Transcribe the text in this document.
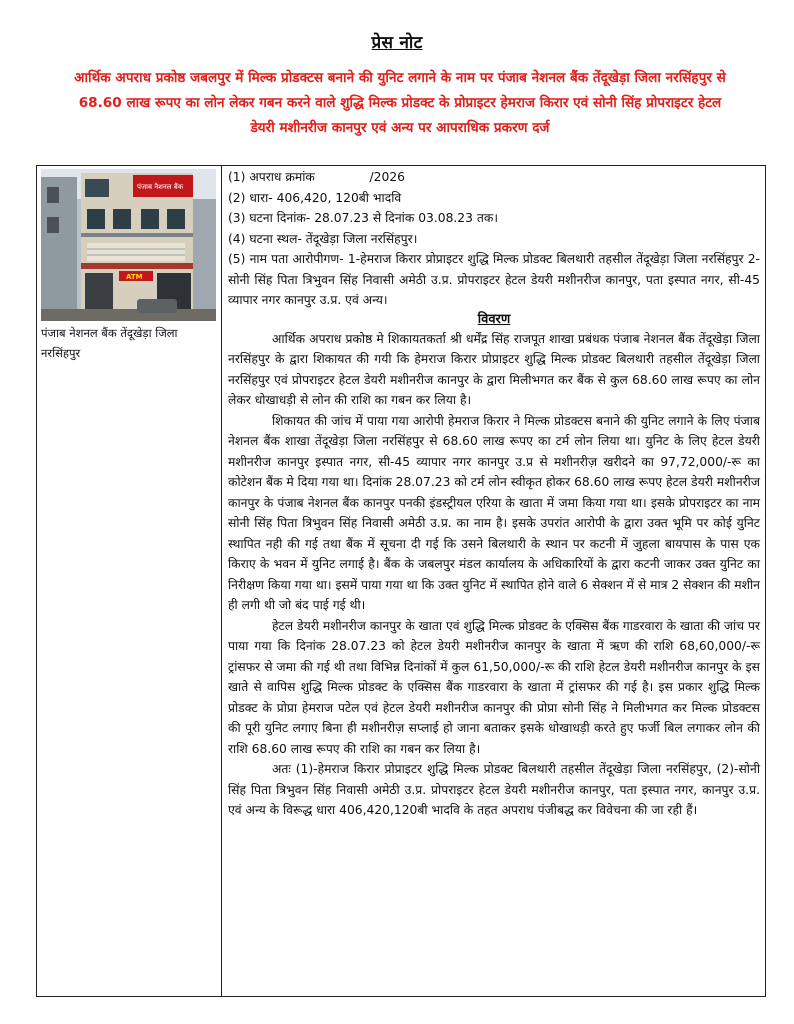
प्रेस नोट
आर्थिक अपराध प्रकोष्ठ जबलपुर में मिल्क प्रोडक्टस बनाने की युनिट लगाने के नाम पर पंजाब नेशनल बैंक तेंदूखेड़ा जिला नरसिंहपुर से 68.60 लाख रूपए का लोन लेकर गबन करने वाले शुद्धि मिल्क प्रोडक्ट के प्रोप्राइटर हेमराज किरार एवं सोनी सिंह प्रोपराइटर हेटल डेयरी मशीनरीज कानपुर एवं अन्य पर आपराधिक प्रकरण दर्ज
पंजाब नैशनल बैंक
ATM
पंजाब नेशनल बैंक तेंदूखेड़ा जिला नरसिंहपुर

(1) अपराध क्रमांक              /2026

(2) धारा- 406,420, 120बी भादवि

(3) घटना दिनांक- 28.07.23 से दिनांक 03.08.23 तक।

(4) घटना स्थल- तेंदूखेड़ा जिला नरसिंहपुर।

(5) नाम पता आरोपीगण- 1-हेमराज किरार प्रोप्राइटर शुद्धि मिल्क प्रोडक्ट बिलथारी तहसील तेंदूखेड़ा जिला नरसिंहपुर 2- सोनी सिंह पिता त्रिभुवन सिंह निवासी अमेठी उ.प्र. प्रोपराइटर हेटल डेयरी मशीनरीज कानपुर, पता इस्पात नगर, सी-45 व्यापार नगर कानपुर उ.प्र. एवं अन्य।

विवरण

आर्थिक अपराध प्रकोष्ठ मे शिकायतकर्ता श्री धर्मेंद्र सिंह राजपूत शाखा प्रबंधक पंजाब नेशनल बैंक तेंदूखेड़ा जिला नरसिंहपुर के द्वारा शिकायत की गयी कि हेमराज किरार प्रोप्राइटर शुद्धि मिल्क प्रोडक्ट बिलथारी तहसील तेंदूखेड़ा जिला नरसिंहपुर एवं प्रोपराइटर हेटल डेयरी मशीनरीज कानपुर के द्वारा मिलीभगत कर बैंक से कुल 68.60 लाख रूपए का लोन लेकर धोखाधड़ी से लोन की राशि का गबन कर लिया है।

शिकायत की जांच में पाया गया आरोपी हेमराज किरार ने मिल्क प्रोडक्टस बनाने की युनिट लगाने के लिए पंजाब नेशनल बैंक शाखा तेंदूखेड़ा जिला नरसिंहपुर से 68.60 लाख रूपए का टर्म लोन लिया था। युनिट के लिए हेटल डेयरी मशीनरीज कानपुर इस्पात नगर, सी-45 व्यापार नगर कानपुर उ.प्र से मशीनरीज़ खरीदने का 97,72,000/-रू का कोटेशन बैंक मे दिया गया था। दिनांक 28.07.23 को टर्म लोन स्वीकृत होकर 68.60 लाख रूपए हेटल डेयरी मशीनरीज कानपुर के पंजाब नेशनल बैंक कानपुर पनकी इंडस्ट्रीयल एरिया के खाता में जमा किया गया था। इसके प्रोपराइटर का नाम सोनी सिंह पिता त्रिभुवन सिंह निवासी अमेठी उ.प्र. का नाम है। इसके उपरांत आरोपी के द्वारा उक्त भूमि पर कोई युनिट स्थापित नही की गई तथा बैंक में सूचना दी गई कि उसने बिलथारी के स्थान पर कटनी में जुहला बायपास के पास एक किराए के भवन में युनिट लगाई है। बैंक के जबलपुर मंडल कार्यालय के अधिकारियों के द्वारा कटनी जाकर उक्त युनिट का निरीक्षण किया गया था। इसमें पाया गया था कि उक्त युनिट में स्थापित होने वाले 6 सेक्शन में से मात्र 2 सेक्शन की मशीन ही लगी थी जो बंद पाई गई थी।

हेटल डेयरी मशीनरीज कानपुर के खाता एवं शुद्धि मिल्क प्रोडक्ट के एक्सिस बैंक गाडरवारा के खाता की जांच पर पाया गया कि दिनांक 28.07.23 को हेटल डेयरी मशीनरीज कानपुर के खाता में ऋण की राशि 68,60,000/-रू ट्रांसफर से जमा की गई थी तथा विभिन्न दिनांकों में कुल 61,50,000/-रू की राशि हेटल डेयरी मशीनरीज कानपुर के इस खाते से वापिस शुद्धि मिल्क प्रोडक्ट के एक्सिस बैंक गाडरवारा के खाता में ट्रांसफर की गई है। इस प्रकार शुद्धि मिल्क प्रोडक्ट के प्रोप्रा हेमराज पटेल एवं हेटल डेयरी मशीनरीज कानपुर की प्रोप्रा सोनी सिंह ने मिलीभगत कर मिल्क प्रोडक्टस की पूरी युनिट लगाए बिना ही मशीनरीज़ सप्लाई हो जाना बताकर इसके धोखाधड़ी करते हुए फर्जी बिल लगाकर लोन की राशि 68.60 लाख रूपए की राशि का गबन कर लिया है।

अतः (1)-हेमराज किरार प्रोप्राइटर शुद्धि मिल्क प्रोडक्ट बिलथारी तहसील तेंदूखेड़ा जिला नरसिंहपुर, (2)-सोनी सिंह पिता त्रिभुवन सिंह निवासी अमेठी उ.प्र. प्रोपराइटर हेटल डेयरी मशीनरीज कानपुर, पता इस्पात नगर, कानपुर उ.प्र. एवं अन्य के विरूद्ध धारा 406,420,120बी भादवि के तहत अपराध पंजीबद्ध कर विवेचना की जा रही हैं।
